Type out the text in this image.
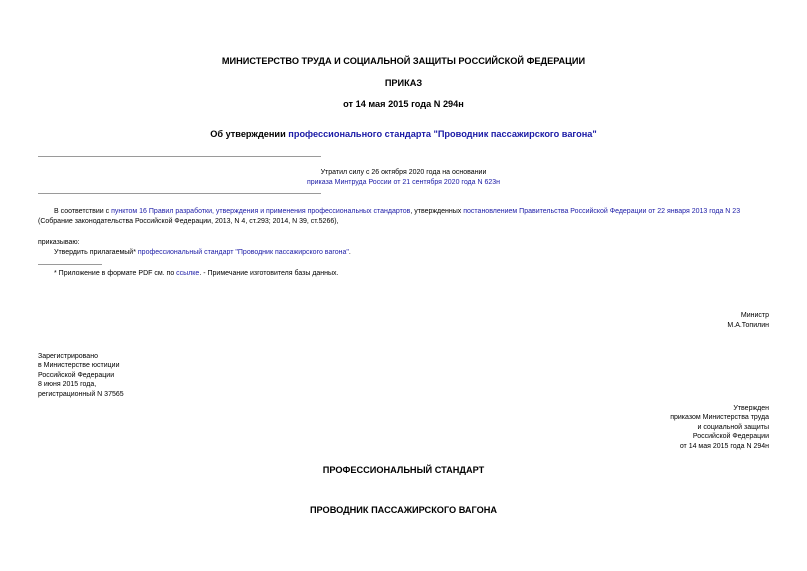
МИНИСТЕРСТВО ТРУДА И СОЦИАЛЬНОЙ ЗАЩИТЫ РОССИЙСКОЙ ФЕДЕРАЦИИ
ПРИКАЗ
от 14 мая 2015 года N 294н
Об утверждении профессионального стандарта "Проводник пассажирского вагона"
Утратил силу с 26 октября 2020 года на основании
приказа Минтруда России от 21 сентября 2020 года N 623н
В соответствии с пунктом 16 Правил разработки, утверждения и применения профессиональных стандартов, утвержденных постановлением Правительства Российской Федерации от 22 января 2013 года N 23
(Собрание законодательства Российской Федерации, 2013, N 4, ст.293; 2014, N 39, ст.5266),
приказываю:
Утвердить прилагаемый* профессиональный стандарт "Проводник пассажирского вагона".
* Приложение в формате PDF см. по ссылке. - Примечание изготовителя базы данных.
Министр
М.А.Топилин
Зарегистрировано
в Министерстве юстиции
Российской Федерации
8 июня 2015 года,
регистрационный N 37565
Утвержден
приказом Министерства труда
и социальной защиты
Российской Федерации
от 14 мая 2015 года N 294н
ПРОФЕССИОНАЛЬНЫЙ СТАНДАРТ
ПРОВОДНИК ПАССАЖИРСКОГО ВАГОНА
